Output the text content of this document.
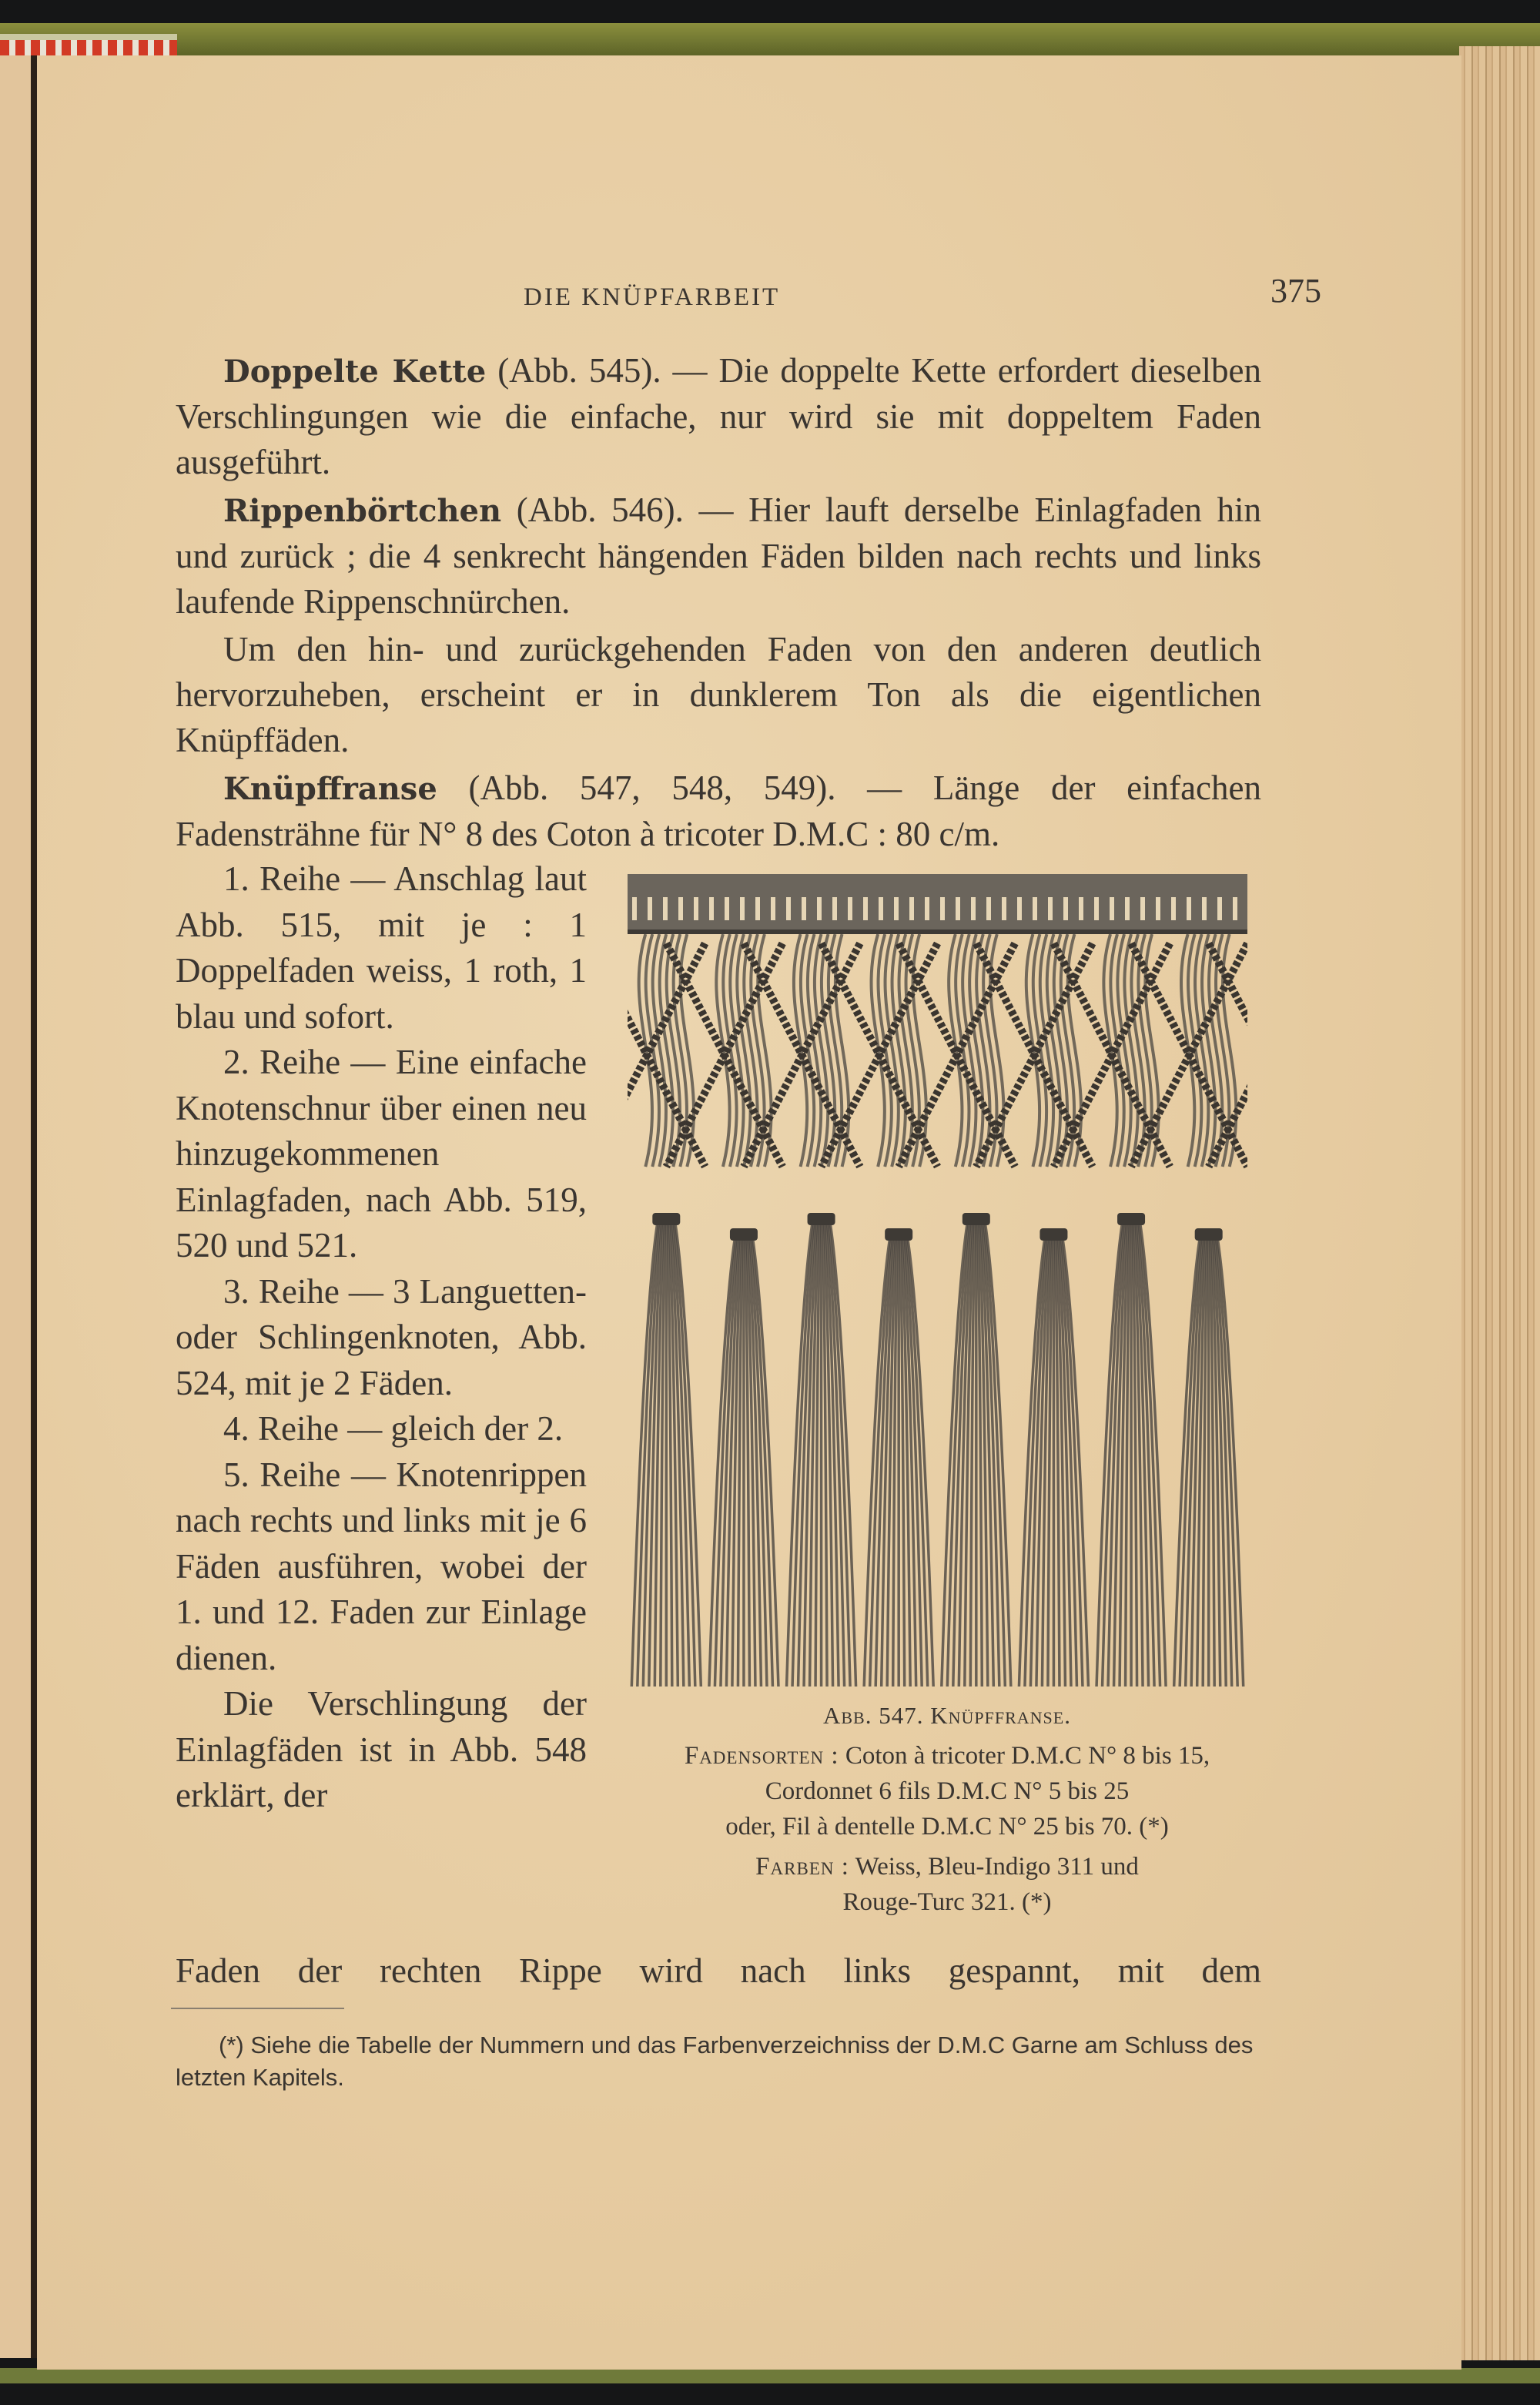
DIE KNÜPFARBEIT	375
Doppelte Kette (Abb. 545). — Die doppelte Kette erfordert dieselben Verschlingungen wie die einfache, nur wird sie mit doppeltem Faden ausgeführt.
Rippenbörtchen (Abb. 546). — Hier lauft derselbe Einlagfaden hin und zurück ; die 4 senkrecht hängenden Fäden bilden nach rechts und links laufende Rippenschnürchen.
Um den hin- und zurückgehenden Faden von den anderen deutlich hervorzuheben, erscheint er in dunklerem Ton als die eigentlichen Knüpffäden.
Knüpffranse (Abb. 547, 548, 549). — Länge der einfachen Fadensträhne für N° 8 des Coton à tricoter D.M.C : 80 c/m.

1. Reihe — Anschlag laut Abb. 515, mit je : 1 Doppelfaden weiss, 1 roth, 1 blau und sofort.

2. Reihe — Eine einfache Knotenschnur über einen neu hinzugekommenen Einlagfaden, nach Abb. 519, 520 und 521.

3. Reihe — 3 Languetten- oder Schlingenknoten, Abb. 524, mit je 2 Fäden.

4. Reihe — gleich der 2.

5. Reihe — Knotenrippen nach rechts und links mit je 6 Fäden ausführen, wobei der 1. und 12. Faden zur Einlage dienen.

Die Verschlingung der Einlagfäden ist in Abb. 548 erklärt, der

Faden der rechten Rippe wird nach links gespannt, mit dem
Abb. 547. Knüpffranse.
Fadensorten : Coton à tricoter D.M.C N° 8 bis 15,
Cordonnet 6 fils D.M.C N° 5 bis 25
oder, Fil à dentelle D.M.C N° 25 bis 70. (*)
Farben : Weiss, Bleu-Indigo 311 und
Rouge-Turc 321. (*)
(*) Siehe die Tabelle der Nummern und das Farbenverzeichniss der D.M.C Garne am Schluss des letzten Kapitels.
